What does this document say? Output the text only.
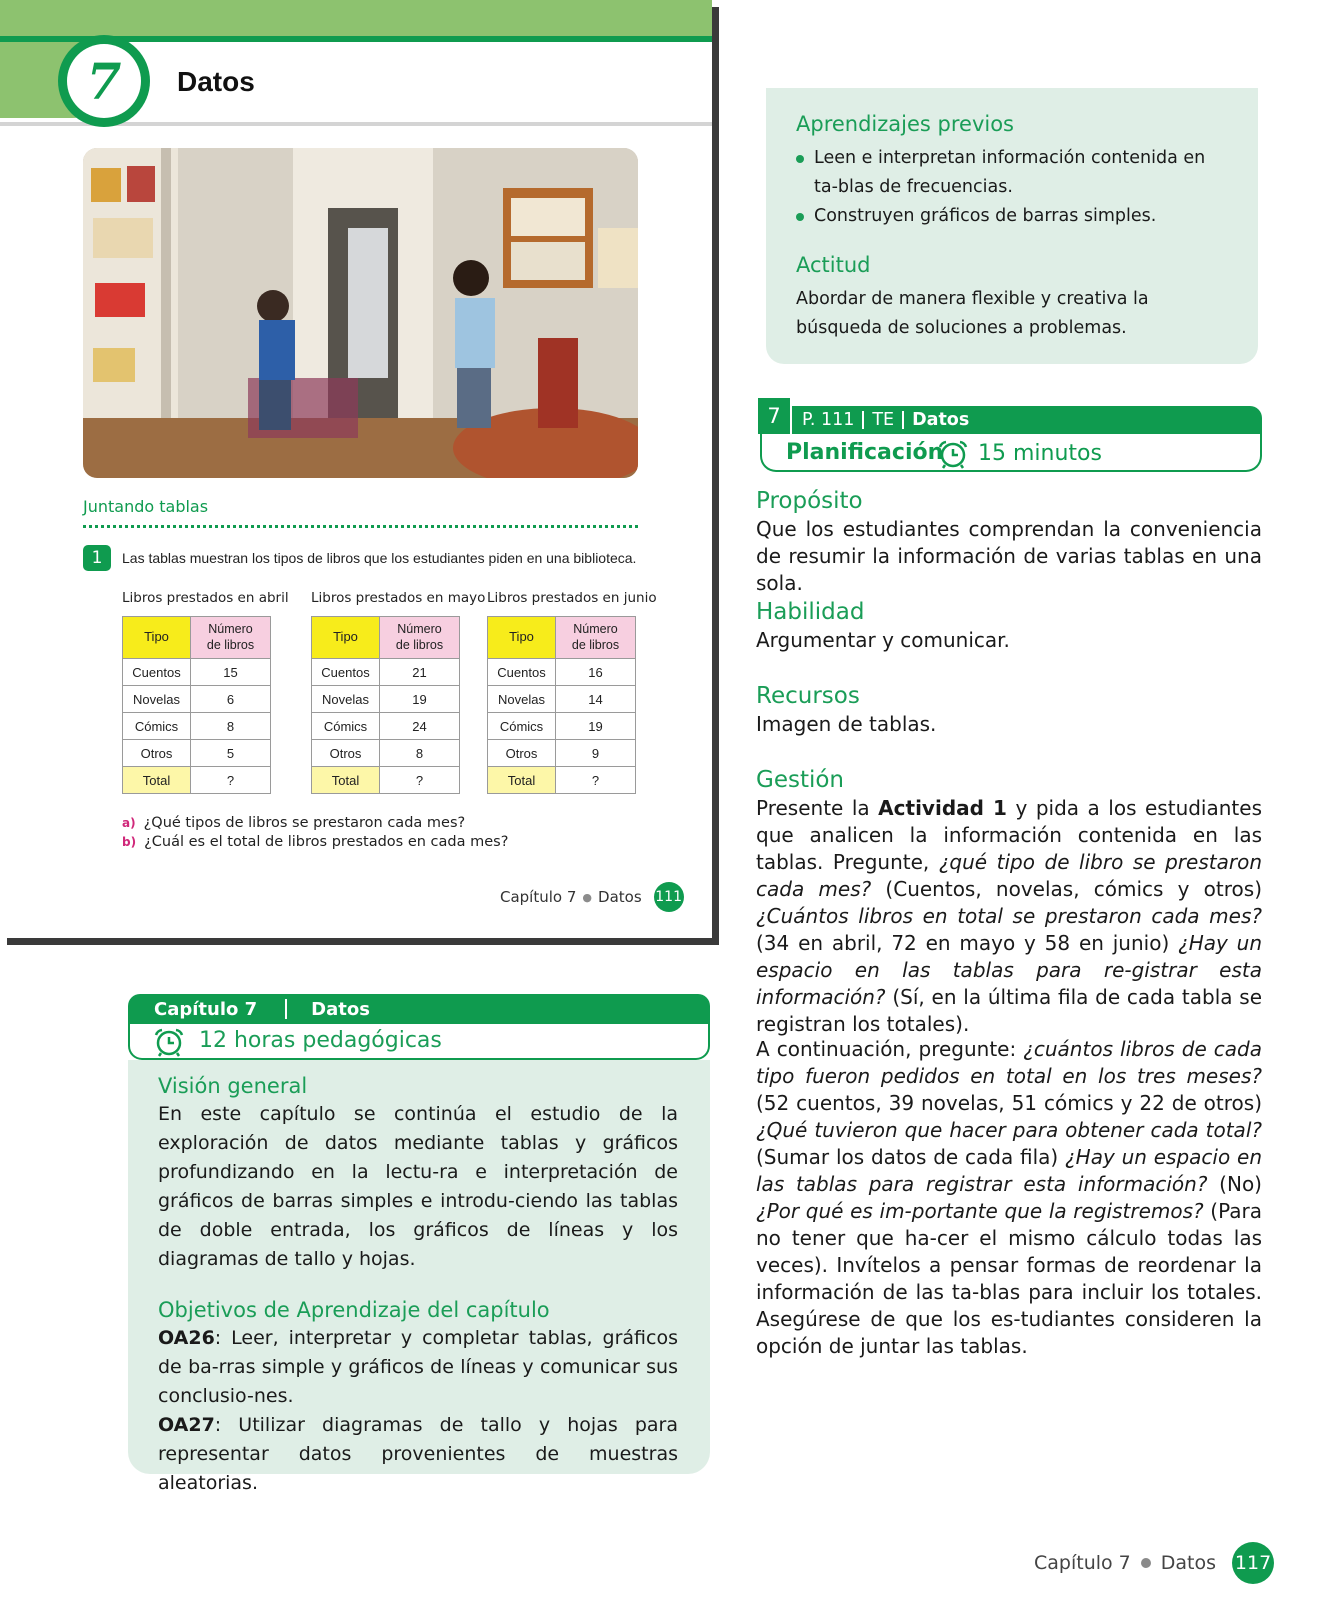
7	Datos
Juntando tablas
1	Las tablas muestran los tipos de libros que los estudiantes piden en una biblioteca.
Libros prestados en abril Libros prestados en mayo Libros prestados en junio
Tipo	Número
de libros
Cuentos	15
Novelas	6
Cómics	8
Otros	5
Total	?
Tipo	Número
de libros
Cuentos	21
Novelas	19
Cómics	24
Otros	8
Total	?
Tipo	Número
de libros
Cuentos	16
Novelas	14
Cómics	19
Otros	9
Total	?
a) ¿Qué tipos de libros se prestaron cada mes?
b) ¿Cuál es el total de libros prestados en cada mes?
Capítulo 7 ● Datos 111
Aprendizajes previos
Leen e interpretan información contenida en ta-blas de frecuencias.
Construyen gráficos de barras simples.
Actitud

Abordar de manera flexible y creativa la búsqueda de soluciones a problemas.

7	P. 111 TE Datos
Planificación 15 minutos
Propósito
Que los estudiantes comprendan la conveniencia de resumir la información de varias tablas en una sola.
Habilidad
Argumentar y comunicar.
Recursos
Imagen de tablas.
Gestión
Presente la Actividad 1 y pida a los estudiantes que analicen la información contenida en las tablas. Pregunte, ¿qué tipo de libro se prestaron cada mes? (Cuentos, novelas, cómics y otros) ¿Cuántos libros en total se prestaron cada mes? (34 en abril, 72 en mayo y 58 en junio) ¿Hay un espacio en las tablas para re-gistrar esta información? (Sí, en la última fila de cada tabla se registran los totales).
A continuación, pregunte: ¿cuántos libros de cada tipo fueron pedidos en total en los tres meses? (52 cuentos, 39 novelas, 51 cómics y 22 de otros) ¿Qué tuvieron que hacer para obtener cada total? (Sumar los datos de cada fila) ¿Hay un espacio en las tablas para registrar esta información? (No) ¿Por qué es im-portante que la registremos? (Para no tener que ha-cer el mismo cálculo todas las veces). Invítelos a pensar formas de reordenar la información de las ta-blas para incluir los totales. Asegúrese de que los es-tudiantes consideren la opción de juntar las tablas.
Capítulo 7	Datos
12 horas pedagógicas
Visión general

En este capítulo se continúa el estudio de la exploración de datos mediante tablas y gráficos profundizando en la lectu-ra e interpretación de gráficos de barras simples e introdu-ciendo las tablas de doble entrada, los gráficos de líneas y los diagramas de tallo y hojas.

Objetivos de Aprendizaje del capítulo

OA26: Leer, interpretar y completar tablas, gráficos de ba-rras simple y gráficos de líneas y comunicar sus conclusio-nes.

OA27: Utilizar diagramas de tallo y hojas para representar datos provenientes de muestras aleatorias.

Capítulo 7 Datos 117
